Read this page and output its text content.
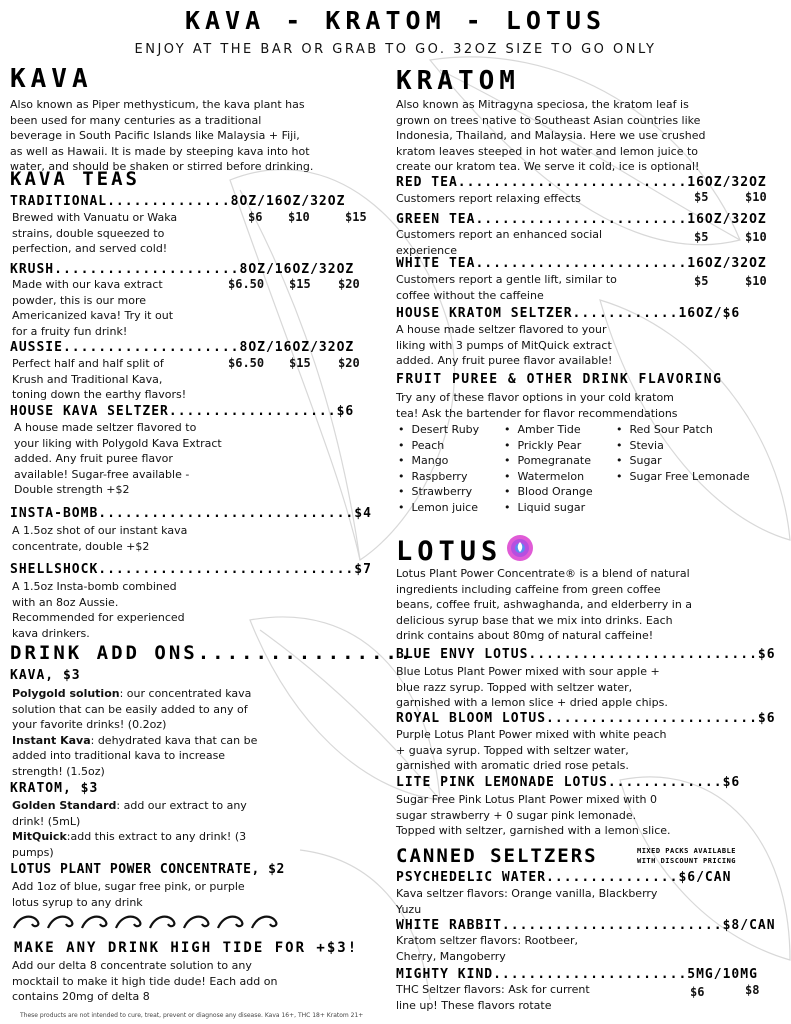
KAVA - KRATOM - LOTUS
ENJOY AT THE BAR OR GRAB TO GO. 32OZ SIZE TO GO ONLY
KAVA
Also known as Piper methysticum, the kava plant has
been used for many centuries as a traditional
beverage in South Pacific Islands like Malaysia + Fiji,
as well as Hawaii. It is made by steeping kava into hot
water, and should be shaken or stirred before drinking.
KAVA TEAS
TRADITIONAL..............8OZ/16OZ/32OZ
$6 $10	$15
Brewed with Vanuatu or Waka
strains, double squeezed to
perfection, and served cold!
KRUSH.....................8OZ/16OZ/32OZ
$6.50 $15 $20
Made with our kava extract
powder, this is our more
Americanized kava! Try it out
for a fruity fun drink!
AUSSIE....................8OZ/16OZ/32OZ
$6.50 $15 $20
Perfect half and half split of
Krush and Traditional Kava,
toning down the earthy flavors!
HOUSE KAVA SELTZER...................$6
A house made seltzer flavored to
your liking with Polygold Kava Extract
added. Any fruit puree flavor
available! Sugar-free available -
Double strength +$2
INSTA-BOMB.............................$4
A 1.5oz shot of our instant kava
concentrate, double +$2
SHELLSHOCK.............................$7
A 1.5oz Insta-bomb combined
with an 8oz Aussie.
Recommended for experienced
kava drinkers.
DRINK ADD ONS...............
KAVA, $3
Polygold solution: our concentrated kava
solution that can be easily added to any of
your favorite drinks! (0.2oz)
Instant Kava: dehydrated kava that can be
added into traditional kava to increase
strength! (1.5oz)
KRATOM, $3
Golden Standard: add our extract to any
drink! (5mL)
MitQuick:add this extract to any drink! (3
pumps)
LOTUS PLANT POWER CONCENTRATE, $2
Add 1oz of blue, sugar free pink, or purple
lotus syrup to any drink
MAKE ANY DRINK HIGH TIDE FOR +$3!
Add our delta 8 concentrate solution to any
mocktail to make it high tide dude! Each add on
contains 20mg of delta 8
These products are not intended to cure, treat, prevent or diagnose any disease. Kava 16+, THC 18+ Kratom 21+
KRATOM
Also known as Mitragyna speciosa, the kratom leaf is
grown on trees native to Southeast Asian countries like
Indonesia, Thailand, and Malaysia. Here we use crushed
kratom leaves steeped in hot water and lemon juice to
create our kratom tea. We serve it cold, ice is optional!
RED TEA..........................16OZ/32OZ
$5	$10
Customers report relaxing effects
GREEN TEA........................16OZ/32OZ
$5	$10
Customers report an enhanced social
experience
WHITE TEA........................16OZ/32OZ
$5	$10
Customers report a gentle lift, similar to
coffee without the caffeine
HOUSE KRATOM SELTZER............16OZ/$6
A house made seltzer flavored to your
liking with 3 pumps of MitQuick extract
added. Any fruit puree flavor available!
FRUIT PUREE & OTHER DRINK FLAVORING
Try any of these flavor options in your cold kratom
tea! Ask the bartender for flavor recommendations
•  Desert Ruby
•  Peach
•  Mango
•  Raspberry
•  Strawberry
•  Lemon juice
•  Amber Tide
•  Prickly Pear
•  Pomegranate
•  Watermelon
•  Blood Orange
•  Liquid sugar
•  Red Sour Patch
•  Stevia
•  Sugar
•  Sugar Free Lemonade
LOTUS
Lotus Plant Power Concentrate® is a blend of natural
ingredients including caffeine from green coffee
beans, coffee fruit, ashwaghanda, and elderberry in a
delicious syrup base that we mix into drinks. Each
drink contains about 80mg of natural caffeine!
BLUE ENVY LOTUS..........................$6
Blue Lotus Plant Power mixed with sour apple +
blue razz syrup. Topped with seltzer water,
garnished with a lemon slice + dried apple chips.
ROYAL BLOOM LOTUS........................$6
Purple Lotus Plant Power mixed with white peach
+ guava syrup. Topped with seltzer water,
garnished with aromatic dried rose petals.
LITE PINK LEMONADE LOTUS.............$6
Sugar Free Pink Lotus Plant Power mixed with 0
sugar strawberry + 0 sugar pink lemonade.
Topped with seltzer, garnished with a lemon slice.
CANNED SELTZERS	MIXED PACKS AVAILABLE
WITH DISCOUNT PRICING
PSYCHEDELIC WATER...............$6/CAN
Kava seltzer flavors: Orange vanilla, Blackberry
Yuzu
WHITE RABBIT.........................$8/CAN
Kratom seltzer flavors: Rootbeer,
Cherry, Mangoberry
MIGHTY KIND......................5MG/10MG
$6	$8
THC Seltzer flavors: Ask for current
line up! These flavors rotate
